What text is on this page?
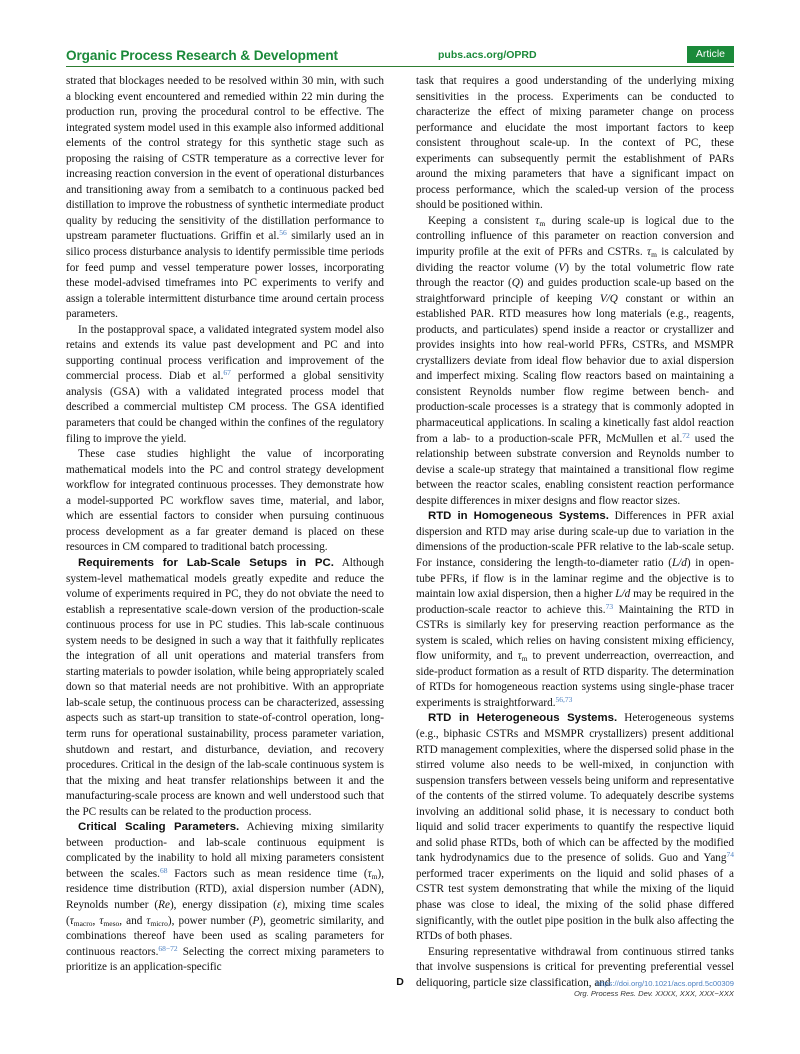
Organic Process Research & Development	pubs.acs.org/OPRD	Article

strated that blockages needed to be resolved within 30 min, with such a blocking event encountered and remedied within 22 min during the production run, proving the procedural control to be effective. The integrated system model used in this example also informed additional elements of the control strategy for this synthetic stage such as proposing the raising of CSTR temperature as a corrective lever for increasing reaction conversion in the event of operational disturbances and transitioning away from a semibatch to a continuous packed bed distillation to improve the robustness of synthetic intermediate product quality by reducing the sensitivity of the distillation performance to upstream parameter fluctuations. Griffin et al.$^{56}$ similarly used an in silico process disturbance analysis to identify permissible time periods for feed pump and vessel temperature power losses, incorporating these model-advised timeframes into PC experiments to verify and assign a tolerable intermittent disturbance time around certain process parameters.

In the postapproval space, a validated integrated system model also retains and extends its value past development and PC and into supporting continual process verification and improvement of the commercial process. Diab et al.$^{67}$ performed a global sensitivity analysis (GSA) with a validated integrated process model that described a commercial multistep CM process. The GSA identified parameters that could be changed within the confines of the regulatory filing to improve the yield.

These case studies highlight the value of incorporating mathematical models into the PC and control strategy development workflow for integrated continuous processes. They demonstrate how a model-supported PC workflow saves time, material, and labor, which are essential factors to consider when pursuing continuous process development as a far greater demand is placed on these resources in CM compared to traditional batch processing.

Requirements for Lab-Scale Setups in PC. Although system-level mathematical models greatly expedite and reduce the volume of experiments required in PC, they do not obviate the need to establish a representative scale-down version of the production-scale continuous process for use in PC studies. This lab-scale continuous system needs to be designed in such a way that it faithfully replicates the integration of all unit operations and material transfers from starting materials to powder isolation, while being appropriately scaled down so that material needs are not prohibitive. With an appropriate lab-scale setup, the continuous process can be characterized, assessing aspects such as start-up transition to state-of-control operation, long-term runs for operational sustainability, process parameter variation, shutdown and restart, and disturbance, deviation, and recovery procedures. Critical in the design of the lab-scale continuous system is that the mixing and heat transfer relationships between it and the manufacturing-scale process are known and well understood such that the PC results can be related to the production process.

Critical Scaling Parameters. Achieving mixing similarity between production- and lab-scale continuous equipment is complicated by the inability to hold all mixing parameters consistent between the scales.$^{68}$ Factors such as mean residence time $(\tau_m)$, residence time distribution (RTD), axial dispersion number (ADN), Reynolds number (Re), energy dissipation (ε), mixing time scales ($\tau_{macro}$, $\tau_{meso}$, and $\tau_{micro}$), power number (P), geometric similarity, and combinations thereof have been used as scaling parameters for continuous reactors.$^{68-72}$ Selecting the correct mixing parameters to prioritize is an application-specific

task that requires a good understanding of the underlying mixing sensitivities in the process. Experiments can be conducted to characterize the effect of mixing parameter change on process performance and elucidate the most important factors to keep consistent throughout scale-up. In the context of PC, these experiments can subsequently permit the establishment of PARs around the mixing parameters that have a significant impact on process performance, which the scaled-up version of the process should be positioned within.

Keeping a consistent $\tau_m$ during scale-up is logical due to the controlling influence of this parameter on reaction conversion and impurity profile at the exit of PFRs and CSTRs. $\tau_m$ is calculated by dividing the reactor volume (V) by the total volumetric flow rate through the reactor (Q) and guides production scale-up based on the straightforward principle of keeping V/Q constant or within an established PAR. RTD measures how long materials (e.g., reagents, products, and particulates) spend inside a reactor or crystallizer and provides insights into how real-world PFRs, CSTRs, and MSMPR crystallizers deviate from ideal flow behavior due to axial dispersion and imperfect mixing. Scaling flow reactors based on maintaining a consistent Reynolds number flow regime between bench- and production-scale processes is a strategy that is commonly adopted in pharmaceutical applications. In scaling a kinetically fast aldol reaction from a lab- to a production-scale PFR, McMullen et al.$^{72}$ used the relationship between substrate conversion and Reynolds number to devise a scale-up strategy that maintained a transitional flow regime between the reactor scales, enabling consistent reaction performance despite differences in mixer designs and flow reactor sizes.

RTD in Homogeneous Systems. Differences in PFR axial dispersion and RTD may arise during scale-up due to variation in the dimensions of the production-scale PFR relative to the lab-scale setup. For instance, considering the length-to-diameter ratio (L/d) in open-tube PFRs, if flow is in the laminar regime and the objective is to maintain low axial dispersion, then a higher L/d may be required in the production-scale reactor to achieve this.$^{73}$ Maintaining the RTD in CSTRs is similarly key for preserving reaction performance as the system is scaled, which relies on having consistent mixing efficiency, flow uniformity, and $\tau_m$ to prevent underreaction, overreaction, and side-product formation as a result of RTD disparity. The determination of RTDs for homogeneous reaction systems using single-phase tracer experiments is straightforward.$^{56,73}$

RTD in Heterogeneous Systems. Heterogeneous systems (e.g., biphasic CSTRs and MSMPR crystallizers) present additional RTD management complexities, where the dispersed solid phase in the stirred volume also needs to be well-mixed, in conjunction with suspension transfers between vessels being uniform and representative of the contents of the stirred volume. To adequately describe systems involving an additional solid phase, it is necessary to conduct both liquid and solid tracer experiments to quantify the respective liquid and solid phase RTDs, both of which can be affected by the modified tank hydrodynamics due to the presence of solids. Guo and Yang$^{74}$ performed tracer experiments on the liquid and solid phases of a CSTR test system demonstrating that while the mixing of the liquid phase was close to ideal, the mixing of the solid phase differed significantly, with the outlet pipe position in the bulk also affecting the RTDs of both phases.

Ensuring representative withdrawal from continuous stirred tanks that involve suspensions is critical for preventing preferential vessel deliquoring, particle size classification, and

D	https://doi.org/10.1021/acs.oprd.5c00309
Org. Process Res. Dev. XXXX, XXX, XXX−XXX
